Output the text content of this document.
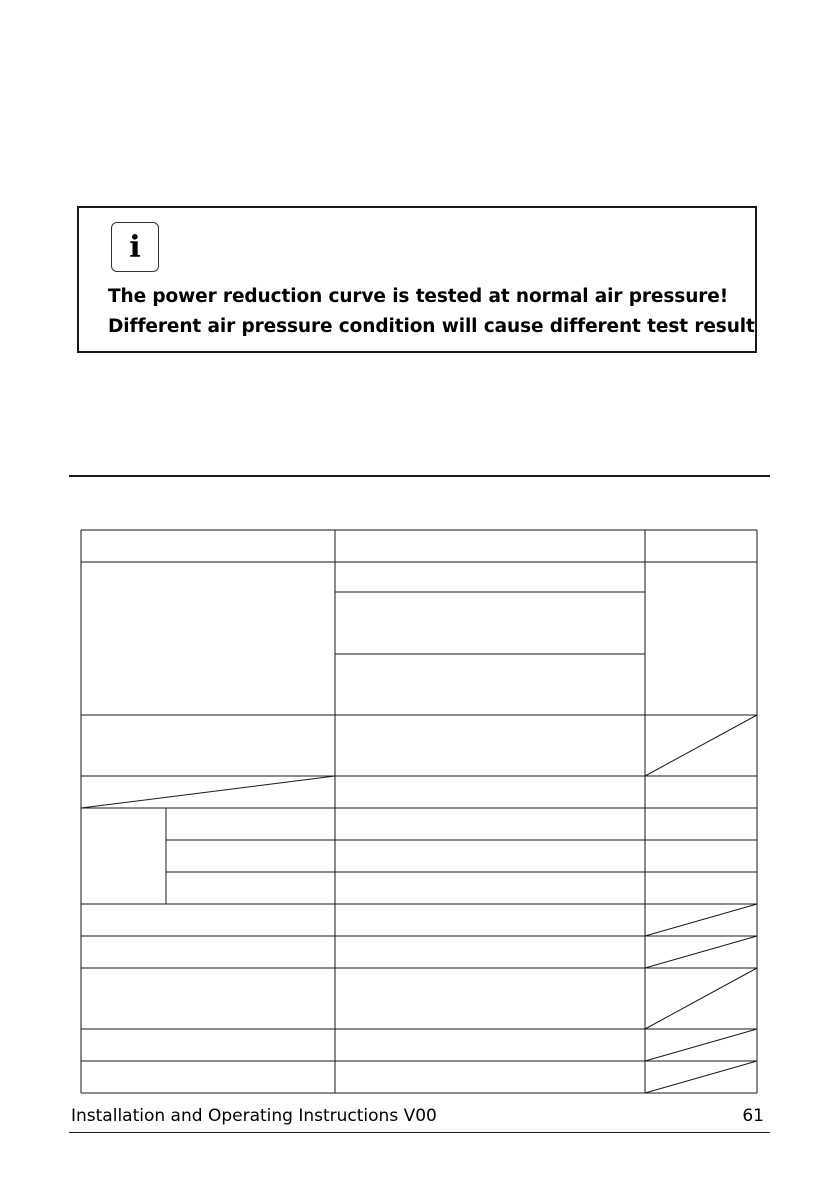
i
The power reduction curve is tested at normal air pressure!
Different air pressure condition will cause different test result
Installation and Operating Instructions V00	61
